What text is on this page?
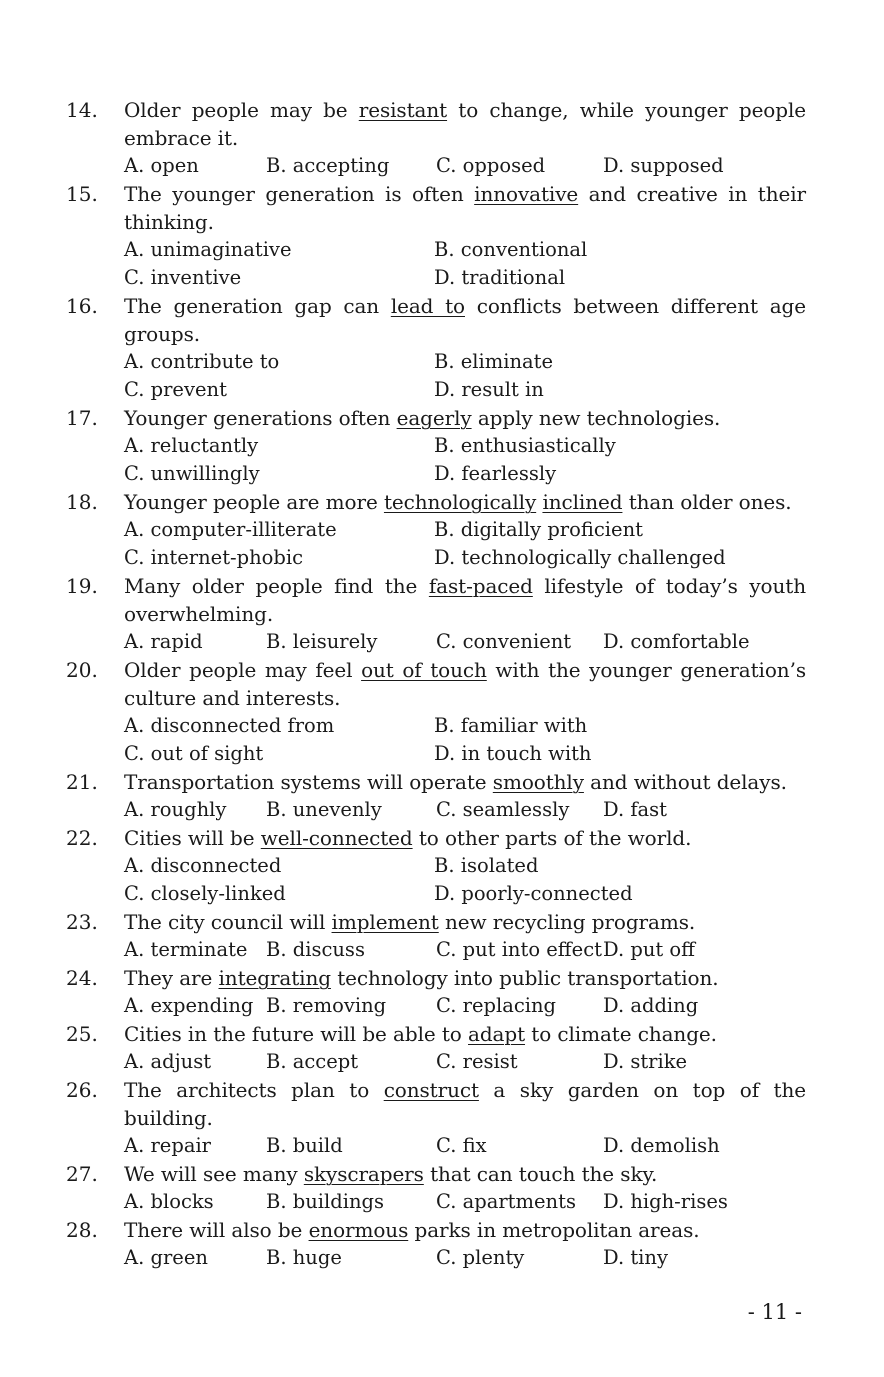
14.	Older people may be resistant to change, while younger people embrace it.
A. open	B. accepting	C. opposed	D. supposed
15.	The younger generation is often innovative and creative in their thinking.
A. unimaginative	B. conventional
C. inventive	D. traditional
16.	The generation gap can lead to conflicts between different age groups.
A. contribute to	B. eliminate
C. prevent	D. result in
17.	Younger generations often eagerly apply new technologies.
A. reluctantly	B. enthusiastically
C. unwillingly	D. fearlessly
18.	Younger people are more technologically inclined than older ones.
A. computer-illiterate	B. digitally proficient
C. internet-phobic	D. technologically challenged
19.	Many older people find the fast-paced lifestyle of today’s youth overwhelming.
A. rapid	B. leisurely	C. convenient	D. comfortable
20.	Older people may feel out of touch with the younger generation’s culture and interests.
A. disconnected from	B. familiar with
C. out of sight	D. in touch with
21.	Transportation systems will operate smoothly and without delays.
A. roughly	B. unevenly	C. seamlessly	D. fast
22.	Cities will be well-connected to other parts of the world.
A. disconnected	B. isolated
C. closely-linked	D. poorly-connected
23.	The city council will implement new recycling programs.
A. terminate B. discuss	C. put into effect D. put off
24.	They are integrating technology into public transportation.
A. expending B. removing	C. replacing	D. adding
25.	Cities in the future will be able to adapt to climate change.
A. adjust	B. accept	C. resist	D. strike
26.	The architects plan to construct a sky garden on top of the building.
A. repair	B. build	C. fix	D. demolish
27.	We will see many skyscrapers that can touch the sky.
A. blocks	B. buildings	C. apartments	D. high-rises
28.	There will also be enormous parks in metropolitan areas.
A. green	B. huge	C. plenty	D. tiny
- 11 -
